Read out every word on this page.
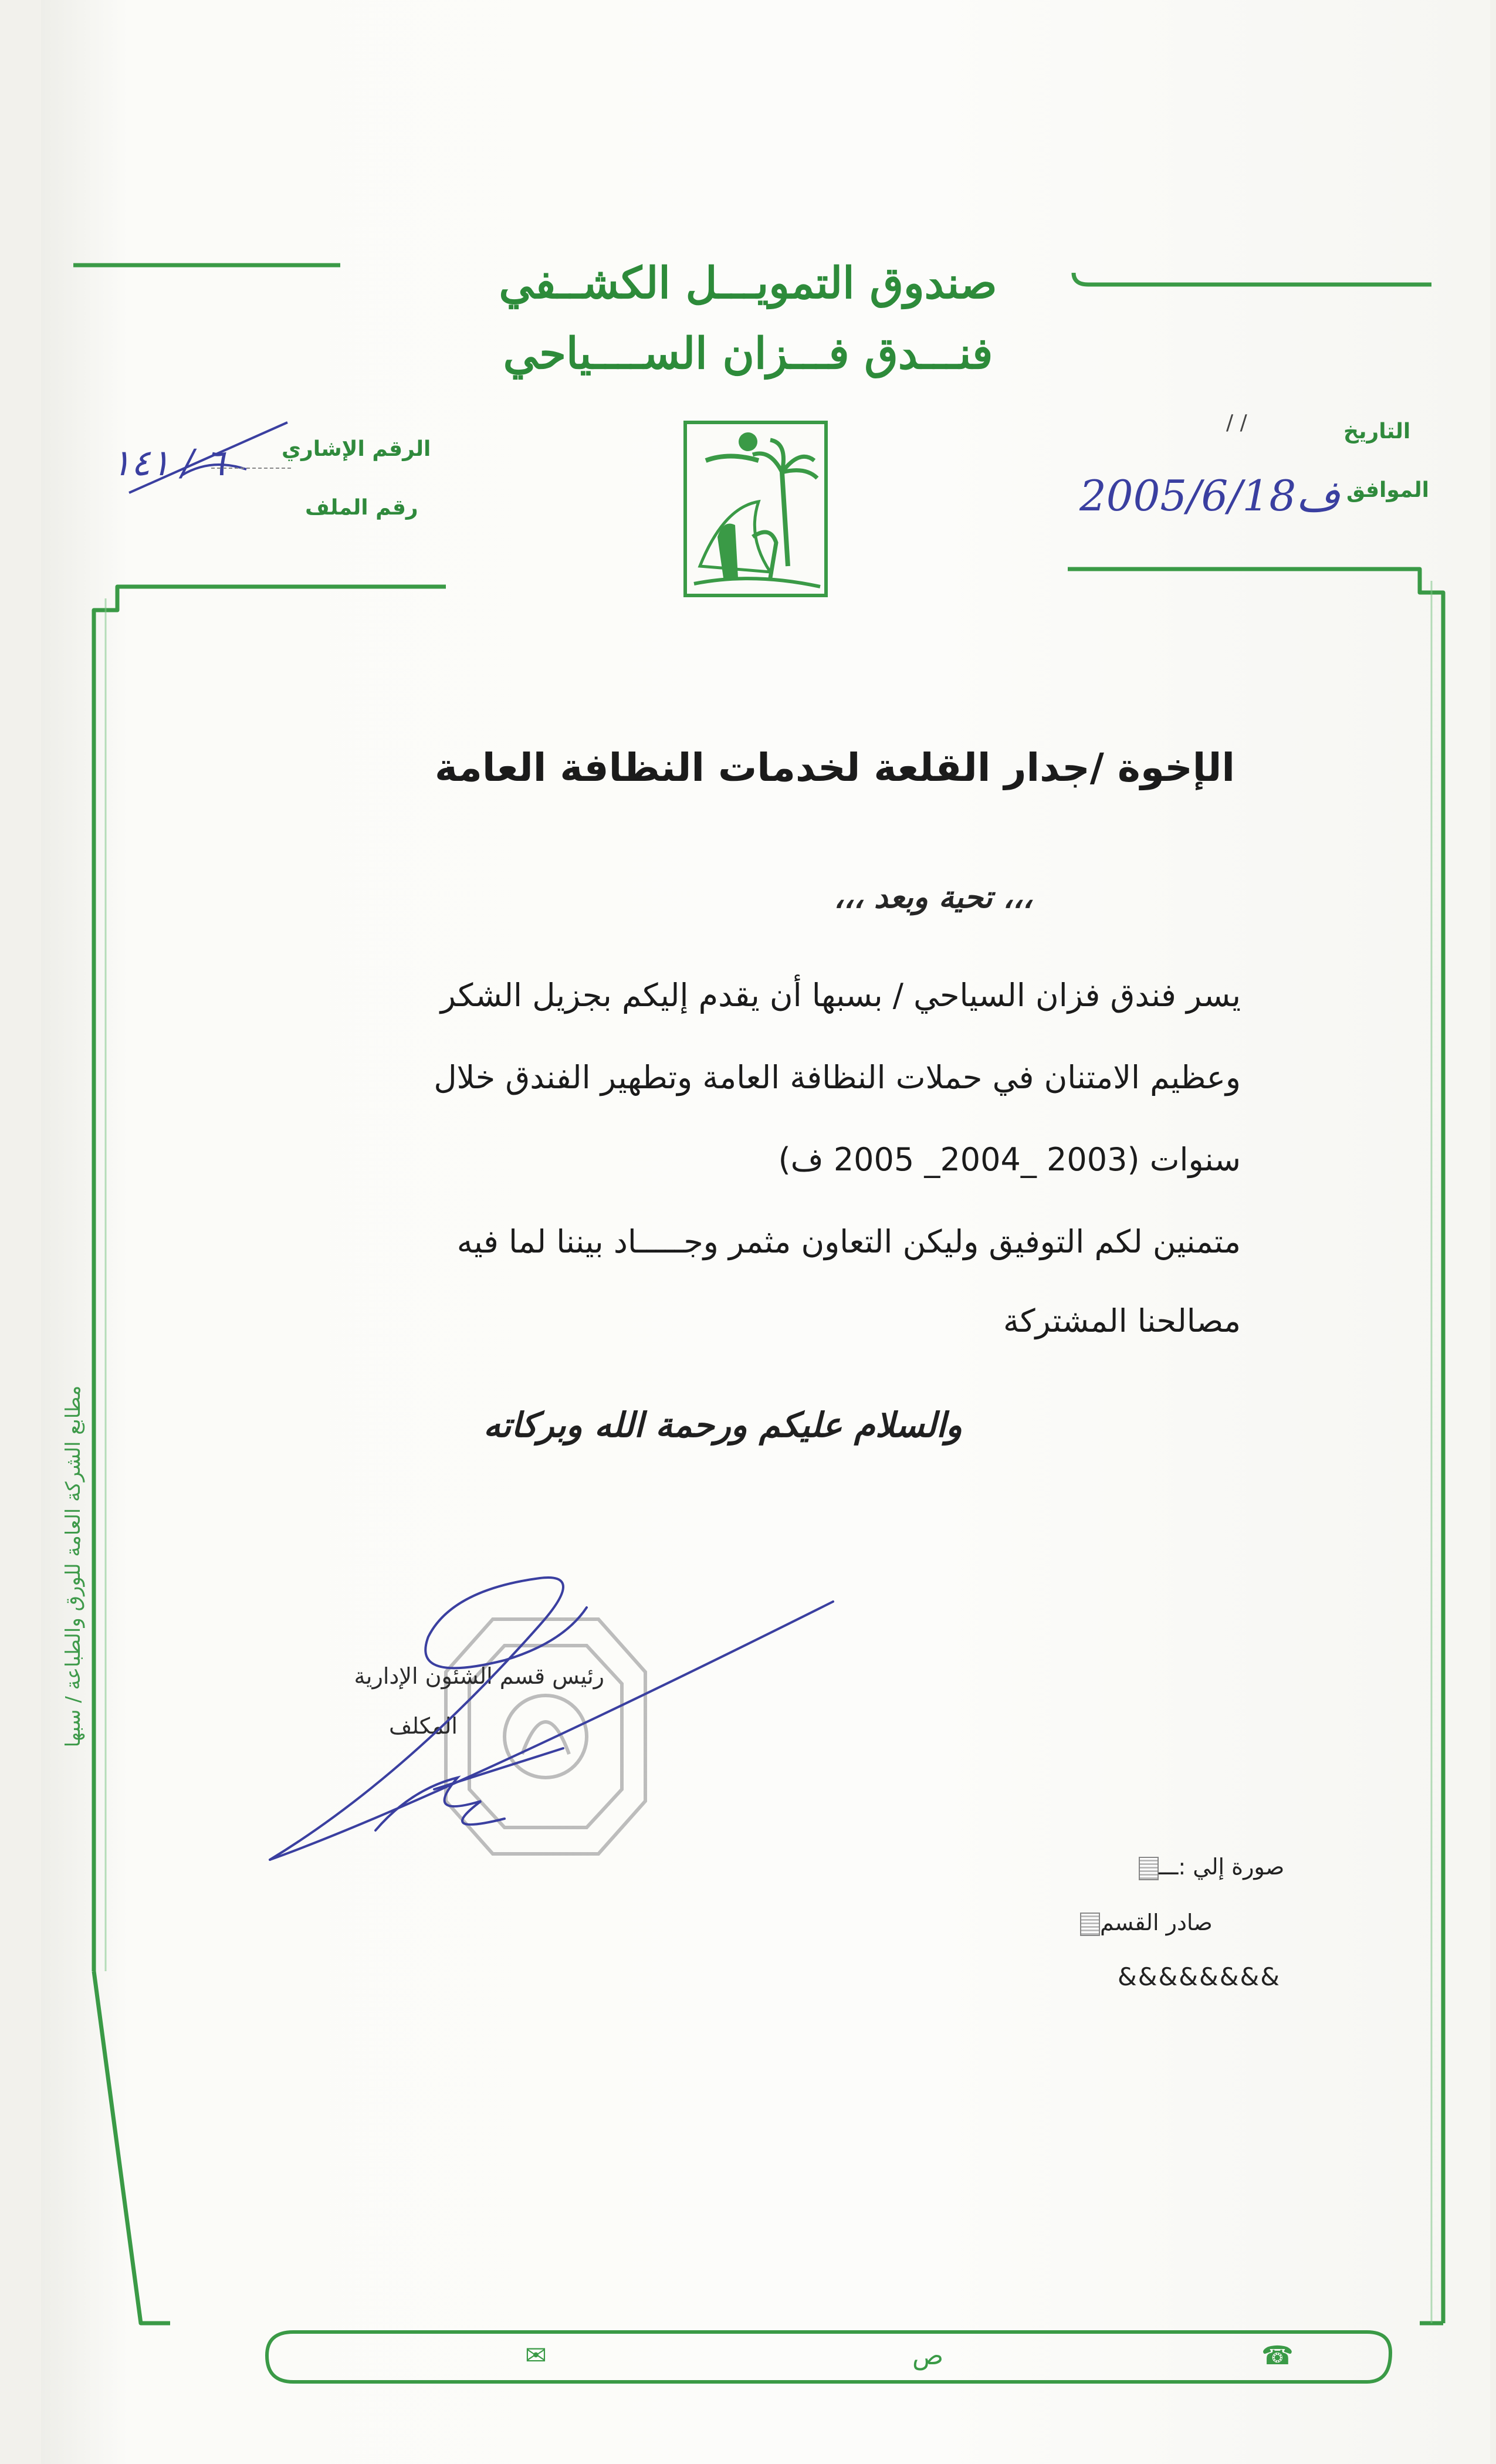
صندوق التمويـــل الكشــفي
فنـــدق فـــزان الســــياحي
التاريخ
/ /
الموافق
2005/6/18ف
الرقم الإشاري
رقم الملف
٦ / ١٤١
الإخوة /جدار القلعة لخدمات النظافة العامة
،،، تحية وبعد ،،،
يسر فندق فزان السياحي / بسبها أن يقدم إليكم بجزيل الشكر
وعظيم الامتنان في حملات النظافة العامة وتطهير الفندق خلال
سنوات (2003 _2004_ 2005 ف)
متمنين لكم التوفيق وليكن التعاون مثمر وجـــــاد بيننا لما فيه
مصالحنا المشتركة
والسلام عليكم ورحمة الله وبركاته
رئيس قسم الشئون الإدارية
المكلف
صورة إلي :ـــ
صادر القسم
&&&&&&&&
مطابع الشركة العامة للورق والطباعة / سبها
✉	ص	☎
